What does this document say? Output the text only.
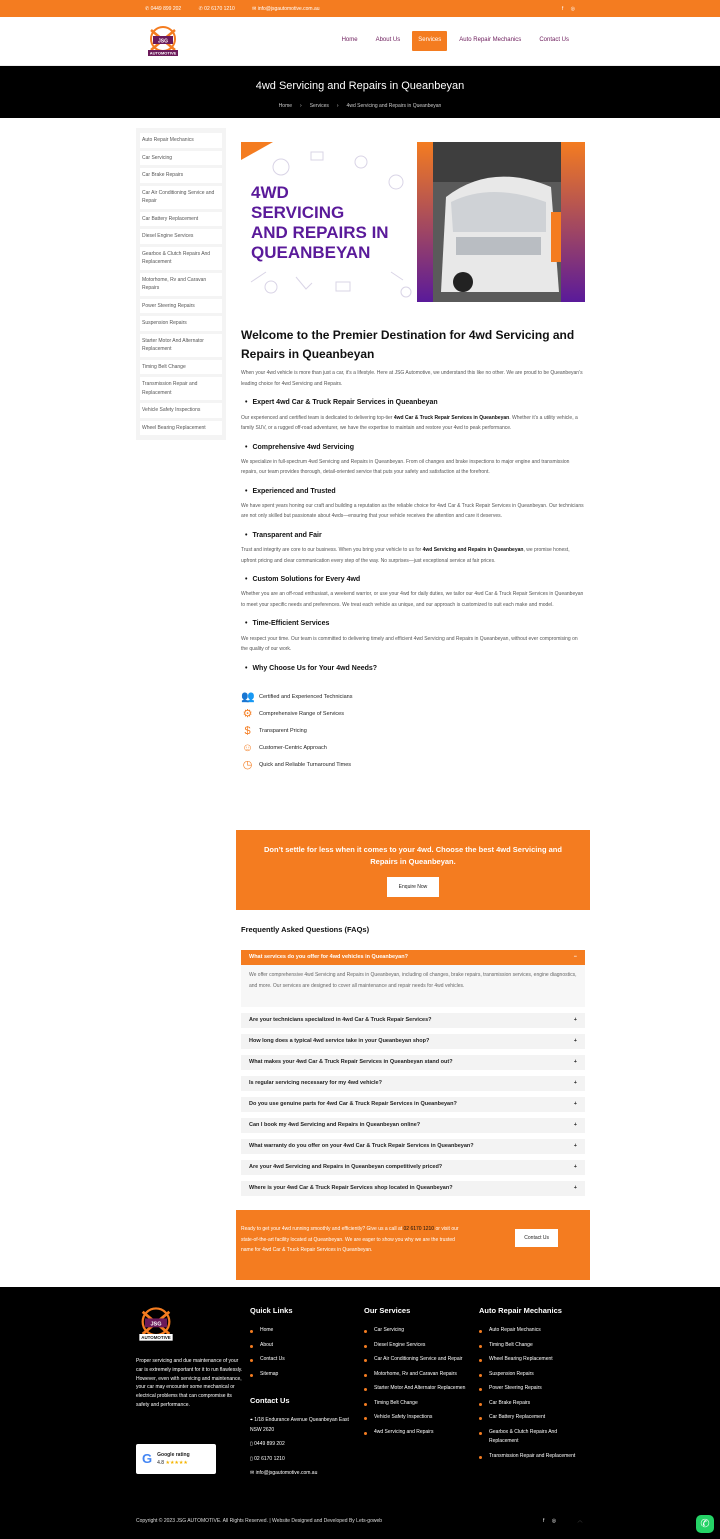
✆ 0449 899 202	✆ 02 6170 1210	✉ info@jsgautomotive.com.au	f ◎
JSG
AUTOMOTIVE
Home	About Us	Services	Auto Repair Mechanics	Contact Us
4wd Servicing and Repairs in Queanbeyan
Home › Services › 4wd Servicing and Repairs in Queanbeyan
Auto Repair Mechanics
Car Servicing
Car Brake Repairs
Car Air Conditioning Service and Repair
Car Battery Replacement
Diesel Engine Services
Gearbox & Clutch Repairs And Replacement
Motorhome, Rv and Caravan Repairs
Power Steering Repairs
Suspension Repairs
Starter Motor And Alternator Replacement
Timing Belt Change
Transmission Repair and Replacement
Vehicle Safety Inspections
Wheel Bearing Replacement
4WD
SERVICING
AND REPAIRS IN
QUEANBEYAN
Welcome to the Premier Destination for 4wd Servicing and Repairs in Queanbeyan

When your 4wd vehicle is more than just a car, it’s a lifestyle. Here at JSG Automotive, we understand this like no other. We are proud to be Queanbeyan’s leading choice for 4wd Servicing and Repairs.

• Expert 4wd Car & Truck Repair Services in Queanbeyan

Our experienced and certified team is dedicated to delivering top-tier 4wd Car & Truck Repair Services in Queanbeyan. Whether it’s a utility vehicle, a family SUV, or a rugged off-road adventurer, we have the expertise to maintain and restore your 4wd to peak performance.

• Comprehensive 4wd Servicing

We specialize in full-spectrum 4wd Servicing and Repairs in Queanbeyan. From oil changes and brake inspections to major engine and transmission repairs, our team provides thorough, detail-oriented service that puts your safety and satisfaction at the forefront.

• Experienced and Trusted

We have spent years honing our craft and building a reputation as the reliable choice for 4wd Car & Truck Repair Services in Queanbeyan. Our technicians are not only skilled but passionate about 4wds—ensuring that your vehicle receives the attention and care it deserves.

• Transparent and Fair

Trust and integrity are core to our business. When you bring your vehicle to us for 4wd Servicing and Repairs in Queanbeyan, we promise honest, upfront pricing and clear communication every step of the way. No surprises—just exceptional service at fair prices.

• Custom Solutions for Every 4wd

Whether you are an off-road enthusiast, a weekend warrior, or use your 4wd for daily duties, we tailor our 4wd Car & Truck Repair Services in Queanbeyan to meet your specific needs and preferences. We treat each vehicle as unique, and our approach is customized to suit each make and model.

• Time-Efficient Services

We respect your time. Our team is committed to delivering timely and efficient 4wd Servicing and Repairs in Queanbeyan, without ever compromising on the quality of our work.

• Why Choose Us for Your 4wd Needs?
👥 Certified and Experienced Technicians
⚙ Comprehensive Range of Services
$	Transparent Pricing
☺ Customer-Centric Approach
◷	Quick and Reliable Turnaround Times
Don’t settle for less when it comes to your 4wd. Choose the best 4wd Servicing and Repairs in Queanbeyan.
Enquire Now
Frequently Asked Questions (FAQs)
What services do you offer for 4wd vehicles in Queanbeyan?	−
We offer comprehensive 4wd Servicing and Repairs in Queanbeyan, including oil changes, brake repairs, transmission services, engine diagnostics, and more. Our services are designed to cover all maintenance and repair needs for 4wd vehicles.
Are your technicians specialized in 4wd Car & Truck Repair Services?	+
How long does a typical 4wd service take in your Queanbeyan shop?	+
What makes your 4wd Car & Truck Repair Services in Queanbeyan stand out?	+
Is regular servicing necessary for my 4wd vehicle?	+
Do you use genuine parts for 4wd Car & Truck Repair Services in Queanbeyan?	+
Can I book my 4wd Servicing and Repairs in Queanbeyan online?	+
What warranty do you offer on your 4wd Car & Truck Repair Services in Queanbeyan?	+
Are your 4wd Servicing and Repairs in Queanbeyan competitively priced?	+
Where is your 4wd Car & Truck Repair Services shop located in Queanbeyan?	+
Ready to get your 4wd running smoothly and efficiently? Give us a call at 02 6170 1210 or visit our state-of-the-art facility located at Queanbeyan. We are eager to show you why we are the trusted name for 4wd Car & Truck Repair Services in Queanbeyan.
Contact Us
JSG
AUTOMOTIVE
Proper servicing and due maintenance of your car is extremely important for it to run flawlessly. However, even with servicing and maintenance, your car may encounter some mechanical or electrical problems that can compromise its safety and performance.
G Google rating
4.8 ★★★★★
Quick Links
Home
About
Contact Us
Sitemap
Contact Us
⌖ 1/18 Endurance Avenue Queanbeyan East NSW 2620
▯ 0449 899 202
▯ 02 6170 1210
✉ info@jsgautomotive.com.au
Our Services
Car Servicing
Diesel Engine Services
Car Air Conditioning Service and Repair
Motorhome, Rv and Caravan Repairs
Starter Motor And Alternator Replacemen
Timing Belt Change
Vehicle Safety Inspections
4wd Servicing and Repairs
Auto Repair Mechanics
Auto Repair Mechanics
Timing Belt Change
Wheel Bearing Replacement
Suspension Repairs
Power Steering Repairs
Car Brake Repairs
Car Battery Replacement
Gearbox & Clutch Repairs And Replacement
Transmission Repair and Replacement
Copyright © 2023 JSG AUTOMOTIVE. All Rights Reserved. | Website Designed and Developed By Lets-goweb	f ◎	︿	✆
